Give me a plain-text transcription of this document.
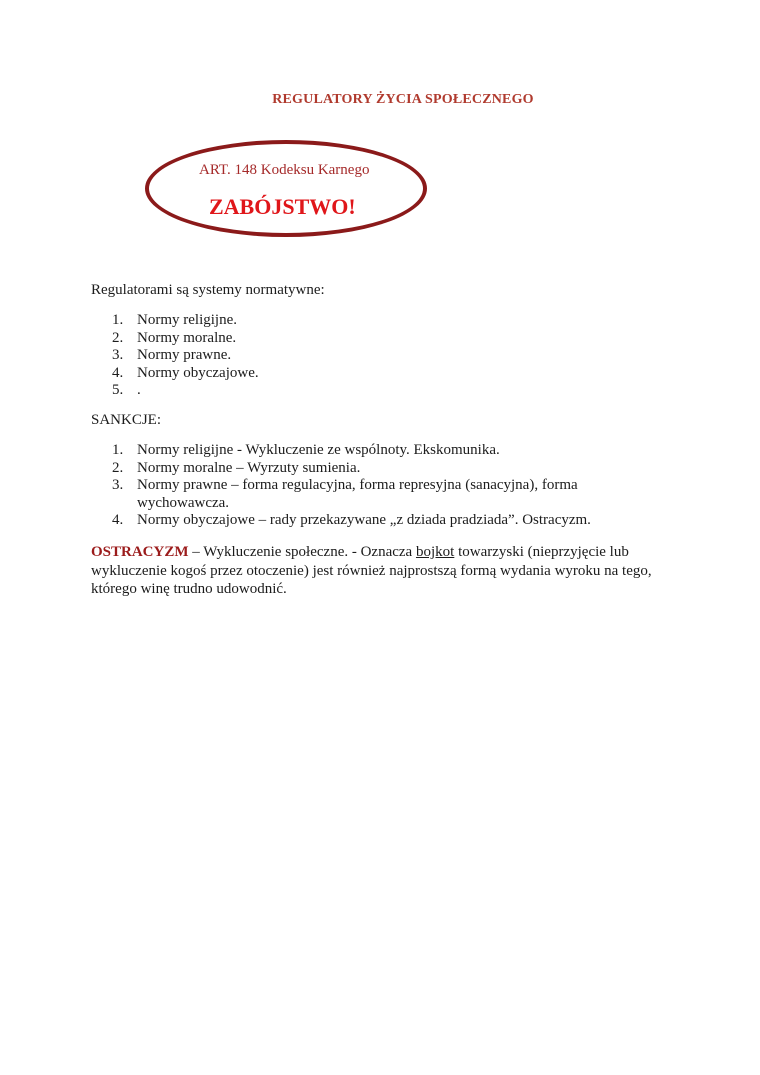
REGULATORY ŻYCIA SPOŁECZNEGO
ART. 148 Kodeksu Karnego
ZABÓJSTWO!
Regulatorami są systemy normatywne:
1. Normy religijne.
2. Normy moralne.
3. Normy prawne.
4. Normy obyczajowe.
5. .
SANKCJE:
1. Normy religijne - Wykluczenie ze wspólnoty. Ekskomunika.
2. Normy moralne – Wyrzuty sumienia.
3. Normy prawne – forma regulacyjna, forma represyjna (sanacyjna), forma wychowawcza.
4. Normy obyczajowe – rady przekazywane „z dziada pradziada”. Ostracyzm.
OSTRACYZM – Wykluczenie społeczne. - Oznacza bojkot towarzyski (nieprzyjęcie lub wykluczenie kogoś przez otoczenie) jest również najprostszą formą wydania wyroku na tego, którego winę trudno udowodnić.
